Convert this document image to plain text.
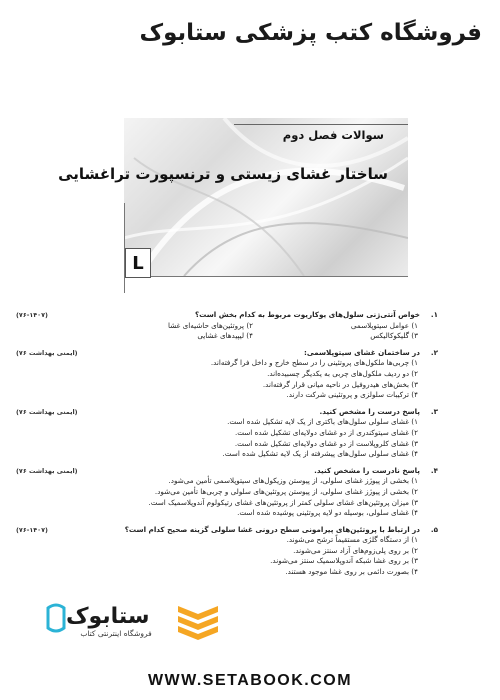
فروشگاه کتب پزشکی ستابوک
سوالات فصل دوم
ساختار غشای زیستی و ترنسپورت تراغشایی
L
۱.
خواص آنتی‌ژنی سلول‌های یوکاریوت مربوط به کدام بخش است؟
(۷۶-۱۴۰۷)
۱) عوامل سیتوپلاسمی
۲) پروتئین‌های حاشیه‌ای غشا
۳) گلیکوکالیکس
۴) لیپیدهای غشایی
۲.
در ساختمان غشای سیتوپلاسمی:
(ایمنی بهداشت ۷۶)
۱) چربی‌ها ملکول‌های پروتئینی را در سطح خارج و داخل فرا گرفته‌اند.
۲) دو ردیف ملکول‌های چربی به یکدیگر چسبیده‌اند.
۳) بخش‌های هیدروفیل در ناحیه میانی قرار گرفته‌اند.
۴) ترکیبات سلولزی و پروتئینی شرکت دارند.
۳.
پاسخ درست را مشخص کنید.
(ایمنی بهداشت ۷۶)
۱) غشای سلولی سلول‌های باکتری از یک لایه تشکیل شده است.
۲) غشای سیتوکندری از دو غشای دولایه‌ای تشکیل شده است.
۳) غشای کلروپلاست از دو غشای دولایه‌ای تشکیل شده است.
۴) غشای سلولی سلول‌های پیشرفته از یک لایه تشکیل شده است.
۴.
پاسخ نادرست را مشخص کنید.
(ایمنی بهداشت ۷۶)
۱) بخشی از پیوژز غشای سلولی، از پیوستن وزیکول‌های سیتوپلاسمی تأمین می‌شود.
۲) بخشی از پیوژز غشای سلولی، از پیوستن پروتئین‌های سلولی و چربی‌ها تأمین می‌شود.
۳) میزان پروتئین‌های غشای سلولی کمتر از پروتئین‌های غشای رتیکولوم آندوپلاسمیک است.
۴) غشای سلولی، بوسیله دو لایه پروتئینی پوشیده شده است.
۵.
در ارتباط با پروتئین‌های پیرامونی سطح درونی غشا سلولی گزینه صحیح کدام است؟
(۷۶-۱۴۰۷)
۱) از دستگاه گلژی مستقیماً ترشح می‌شوند.
۲) بر روی پلی‌زوم‌های آزاد سنتز می‌شوند.
۳) بر روی غشا شبکه آندوپلاسمیک سنتز می‌شوند.
۴) بصورت دائمی بر روی غشا موجود هستند.
ستابوک
فروشگاه اینترنتی کتاب
WWW.SETABOOK.COM
